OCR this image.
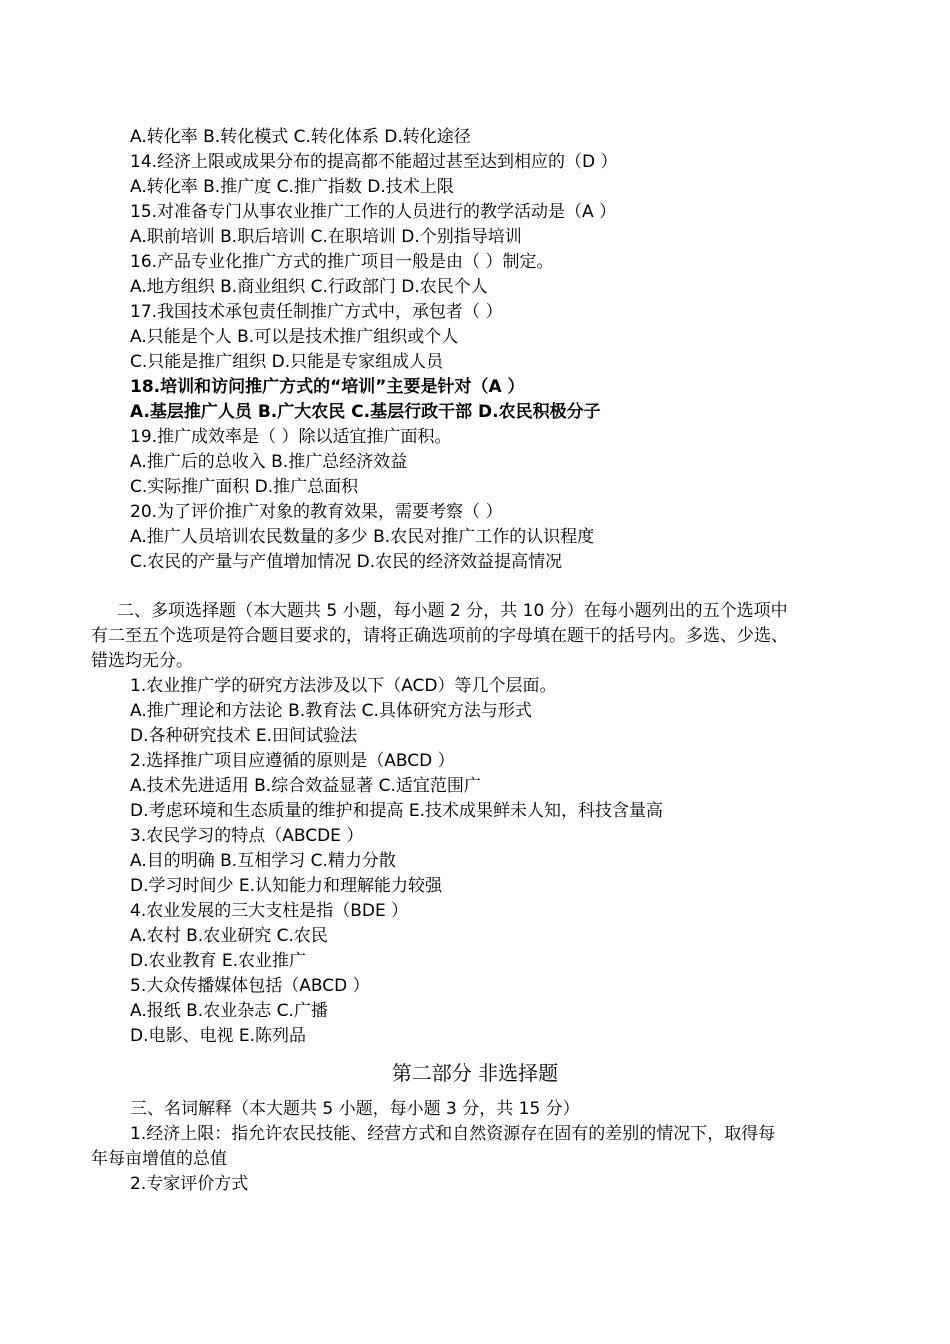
A.转化率 B.转化模式 C.转化体系 D.转化途径
14.经济上限或成果分布的提高都不能超过甚至达到相应的（D ）
A.转化率 B.推广度 C.推广指数 D.技术上限
15.对准备专门从事农业推广工作的人员进行的教学活动是（A ）
A.职前培训 B.职后培训 C.在职培训 D.个别指导培训
16.产品专业化推广方式的推广项目一般是由（ ）制定。
A.地方组织 B.商业组织 C.行政部门 D.农民个人
17.我国技术承包责任制推广方式中，承包者（ ）
A.只能是个人 B.可以是技术推广组织或个人
C.只能是推广组织 D.只能是专家组成人员
18.培训和访问推广方式的“培训”主要是针对（A ）
A.基层推广人员 B.广大农民 C.基层行政干部 D.农民积极分子
19.推广成效率是（ ）除以适宜推广面积。
A.推广后的总收入 B.推广总经济效益
C.实际推广面积 D.推广总面积
20.为了评价推广对象的教育效果，需要考察（ ）
A.推广人员培训农民数量的多少 B.农民对推广工作的认识程度
C.农民的产量与产值增加情况 D.农民的经济效益提高情况
二、多项选择题（本大题共 5 小题，每小题 2 分，共 10 分）在每小题列出的五个选项中
有二至五个选项是符合题目要求的，请将正确选项前的字母填在题干的括号内。多选、少选、
错选均无分。
1.农业推广学的研究方法涉及以下（ACD）等几个层面。
A.推广理论和方法论 B.教育法 C.具体研究方法与形式
D.各种研究技术 E.田间试验法
2.选择推广项目应遵循的原则是（ABCD ）
A.技术先进适用 B.综合效益显著 C.适宜范围广
D.考虑环境和生态质量的维护和提高 E.技术成果鲜未人知，科技含量高
3.农民学习的特点（ABCDE ）
A.目的明确 B.互相学习 C.精力分散
D.学习时间少 E.认知能力和理解能力较强
4.农业发展的三大支柱是指（BDE ）
A.农村 B.农业研究 C.农民
D.农业教育 E.农业推广
5.大众传播媒体包括（ABCD ）
A.报纸 B.农业杂志 C.广播
D.电影、电视 E.陈列品
第二部分 非选择题
三、名词解释（本大题共 5 小题，每小题 3 分，共 15 分）
1.经济上限：指允许农民技能、经营方式和自然资源存在固有的差别的情况下，取得每
年每亩增值的总值
2.专家评价方式
